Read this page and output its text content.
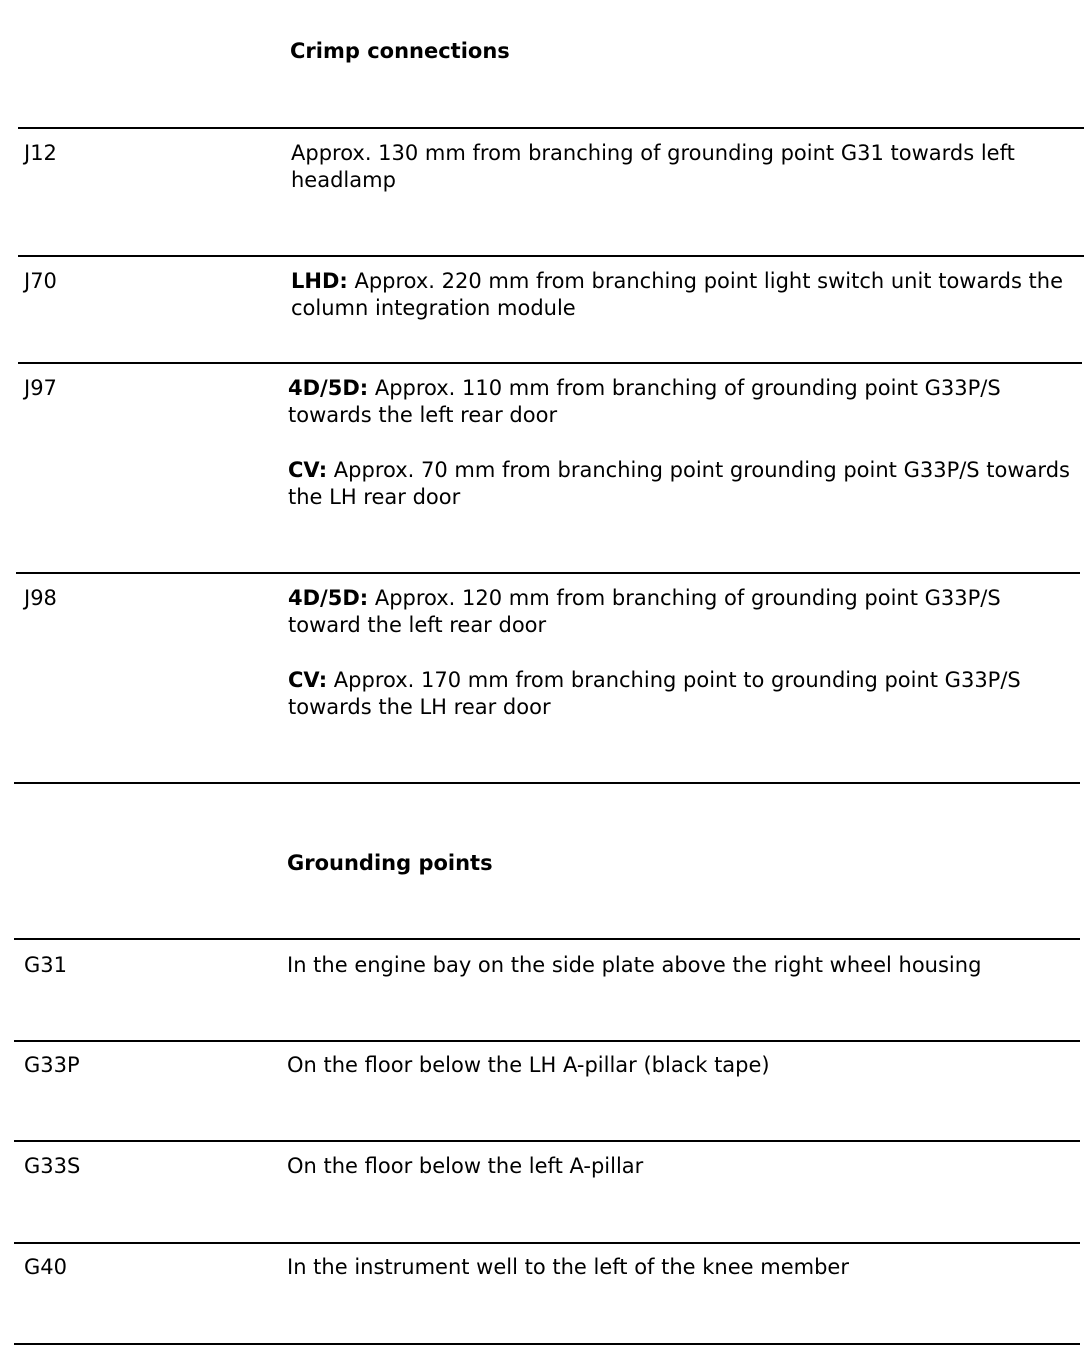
Crimp connections
J12	Approx. 130 mm from branching of grounding point G31 towards left headlamp

J70	LHD: Approx. 220 mm from branching point light switch unit towards the column integration module

J97	4D/5D: Approx. 110 mm from branching of grounding point G33P/S towards the left rear door

CV: Approx. 70 mm from branching point grounding point G33P/S towards the LH rear door

J98	4D/5D: Approx. 120 mm from branching of grounding point G33P/S toward the left rear door

CV: Approx. 170 mm from branching point to grounding point G33P/S towards the LH rear door

Grounding points
G31	In the engine bay on the side plate above the right wheel housing

G33P	On the floor below the LH A-pillar (black tape)

G33S	On the floor below the left A-pillar

G40	In the instrument well to the left of the knee member
